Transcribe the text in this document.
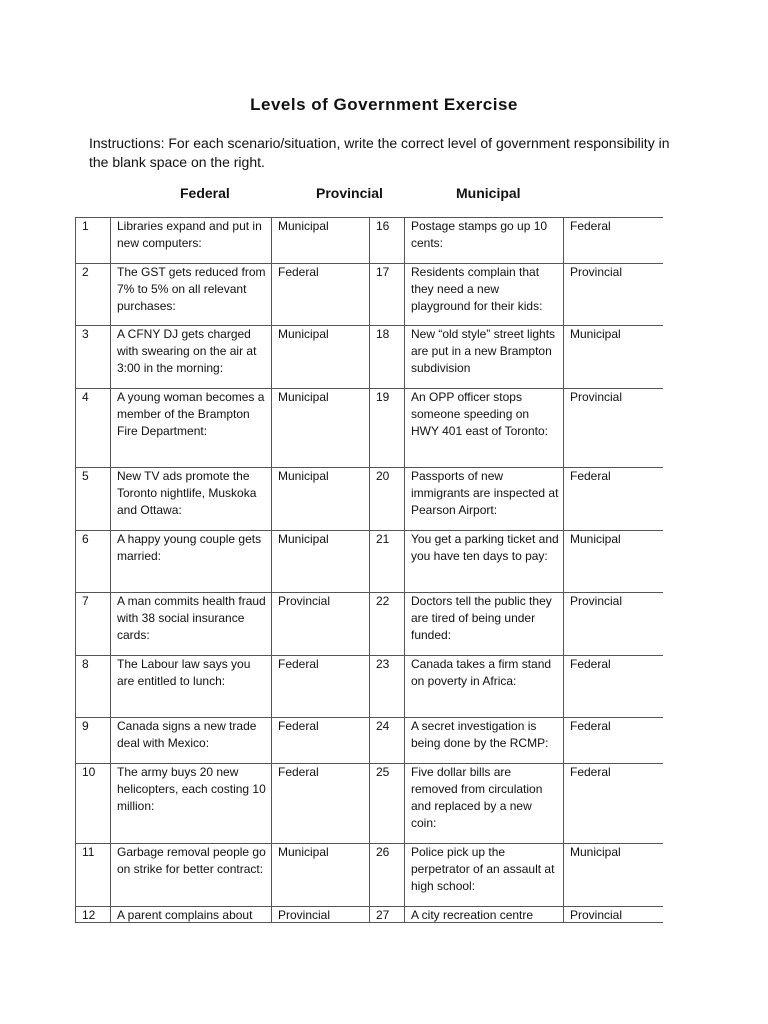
Levels of Government Exercise
Instructions: For each scenario/situation, write the correct level of government responsibility in the blank space on the right.
Federal	Provincial	Municipal
1	Libraries expand and put in new computers:	Municipal	16	Postage stamps go up 10 cents:	Federal
2	The GST gets reduced from 7% to 5% on all relevant purchases:	Federal	17	Residents complain that they need a new playground for their kids:	Provincial
3	A CFNY DJ gets charged with swearing on the air at 3:00 in the morning:	Municipal	18	New “old style” street lights are put in a new Brampton subdivision	Municipal
4	A young woman becomes a member of the Brampton Fire Department:	Municipal	19	An OPP officer stops someone speeding on HWY 401 east of Toronto:	Provincial
5	New TV ads promote the Toronto nightlife, Muskoka and Ottawa:	Municipal	20	Passports of new immigrants are inspected at Pearson Airport:	Federal
6	A happy young couple gets married:	Municipal	21	You get a parking ticket and you have ten days to pay:	Municipal
7	A man commits health fraud with 38 social insurance cards:	Provincial	22	Doctors tell the public they are tired of being under funded:	Provincial
8	The Labour law says you are entitled to lunch:	Federal	23	Canada takes a firm stand on poverty in Africa:	Federal
9	Canada signs a new trade deal with Mexico:	Federal	24	A secret investigation is being done by the RCMP:	Federal
10	The army buys 20 new helicopters, each costing 10 million:	Federal	25	Five dollar bills are removed from circulation and replaced by a new coin:	Federal
11	Garbage removal people go on strike for better contract:	Municipal	26	Police pick up the perpetrator of an assault at high school:	Municipal
12	A parent complains about	Provincial	27	A city recreation centre	Provincial
